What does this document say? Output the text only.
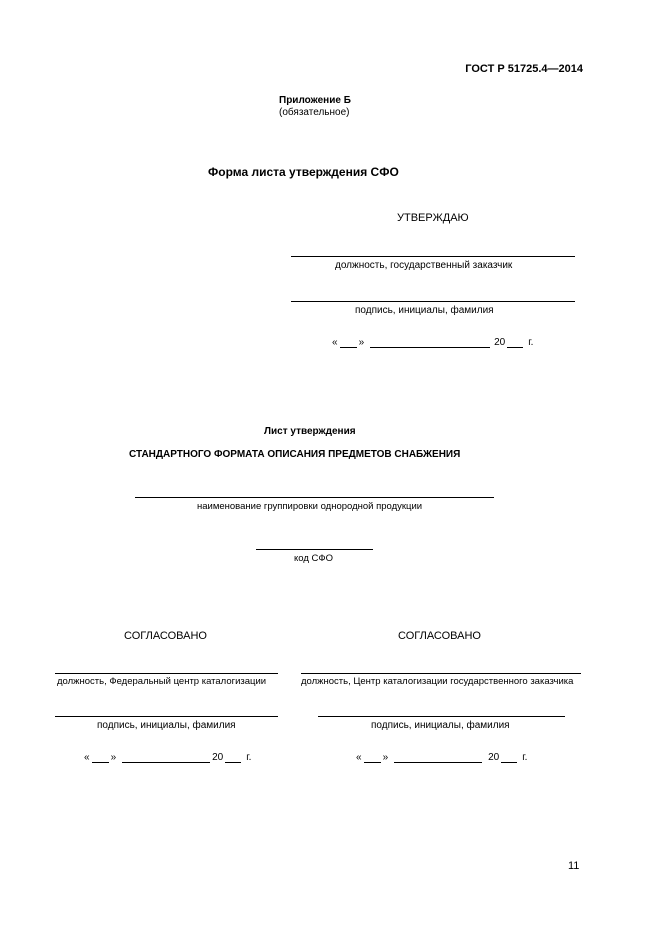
ГОСТ Р 51725.4—2014
Приложение Б
(обязательное)
Форма листа утверждения СФО
УТВЕРЖДАЮ
должность, государственный заказчик
подпись, инициалы, фамилия
« »	20 г.
Лист утверждения
СТАНДАРТНОГО ФОРМАТА ОПИСАНИЯ ПРЕДМЕТОВ СНАБЖЕНИЯ
наименование группировки однородной продукции
код СФО
СОГЛАСОВАНО
должность, Федеральный центр каталогизации
подпись, инициалы, фамилия
« »	20 г.
СОГЛАСОВАНО
должность, Центр каталогизации государственного заказчика
подпись, инициалы, фамилия
« »	20 г.
11
